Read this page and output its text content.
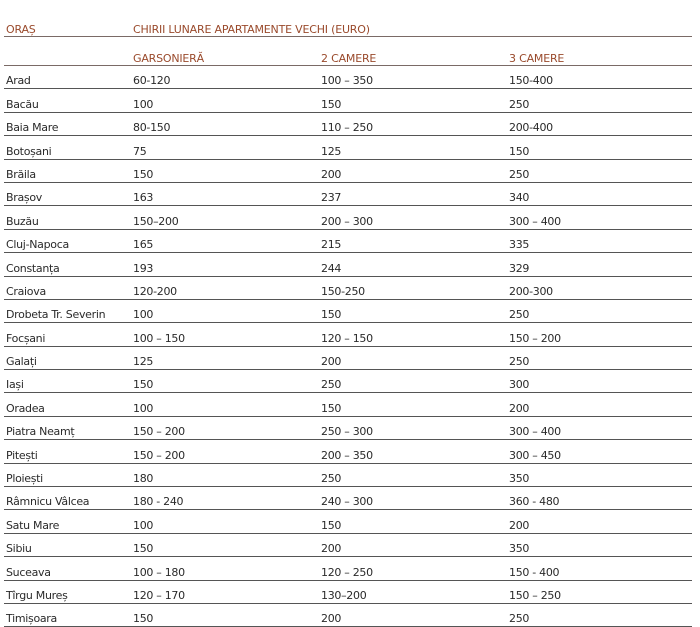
ORAȘ	CHIRII LUNARE APARTAMENTE VECHI (EURO)		
	GARSONIERĂ	2 CAMERE	3 CAMERE
Arad	60-120	100 – 350	150-400
Bacău	100	150	250
Baia Mare	80-150	110 – 250	200-400
Botoșani	75	125	150
Brăila	150	200	250
Brașov	163	237	340
Buzău	150–200	200 – 300	300 – 400
Cluj-Napoca	165	215	335
Constanța	193	244	329
Craiova	120-200	150-250	200-300
Drobeta Tr. Severin	100	150	250
Focșani	100 – 150	120 – 150	150 – 200
Galați	125	200	250
Iași	150	250	300
Oradea	100	150	200
Piatra Neamț	150 – 200	250 – 300	300 – 400
Pitești	150 – 200	200 – 350	300 – 450
Ploiești	180	250	350
Râmnicu Vâlcea	180 - 240	240 – 300	360 - 480
Satu Mare	100	150	200
Sibiu	150	200	350
Suceava	100 – 180	120 – 250	150 - 400
Tîrgu Mureș	120 – 170	130–200	150 – 250
Timișoara	150	200	250
